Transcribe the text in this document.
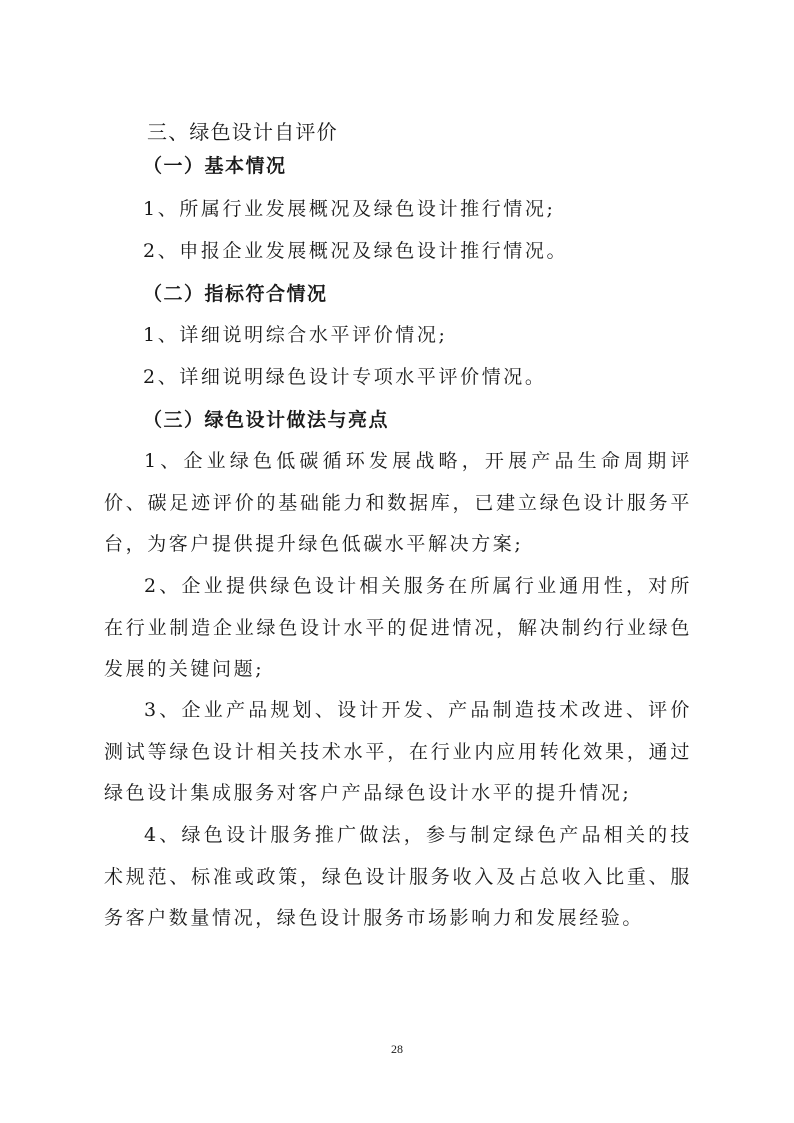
三、绿色设计自评价
（一）基本情况
1、所属行业发展概况及绿色设计推行情况;
2、申报企业发展概况及绿色设计推行情况。
（二）指标符合情况
1、详细说明综合水平评价情况;
2、详细说明绿色设计专项水平评价情况。
（三）绿色设计做法与亮点
1、企业绿色低碳循环发展战略，开展产品生命周期评价、碳足迹评价的基础能力和数据库，已建立绿色设计服务平台，为客户提供提升绿色低碳水平解决方案;
2、企业提供绿色设计相关服务在所属行业通用性，对所在行业制造企业绿色设计水平的促进情况，解决制约行业绿色发展的关键问题;
3、企业产品规划、设计开发、产品制造技术改进、评价测试等绿色设计相关技术水平，在行业内应用转化效果，通过绿色设计集成服务对客户产品绿色设计水平的提升情况;
4、绿色设计服务推广做法，参与制定绿色产品相关的技术规范、标准或政策，绿色设计服务收入及占总收入比重、服务客户数量情况，绿色设计服务市场影响力和发展经验。
28
